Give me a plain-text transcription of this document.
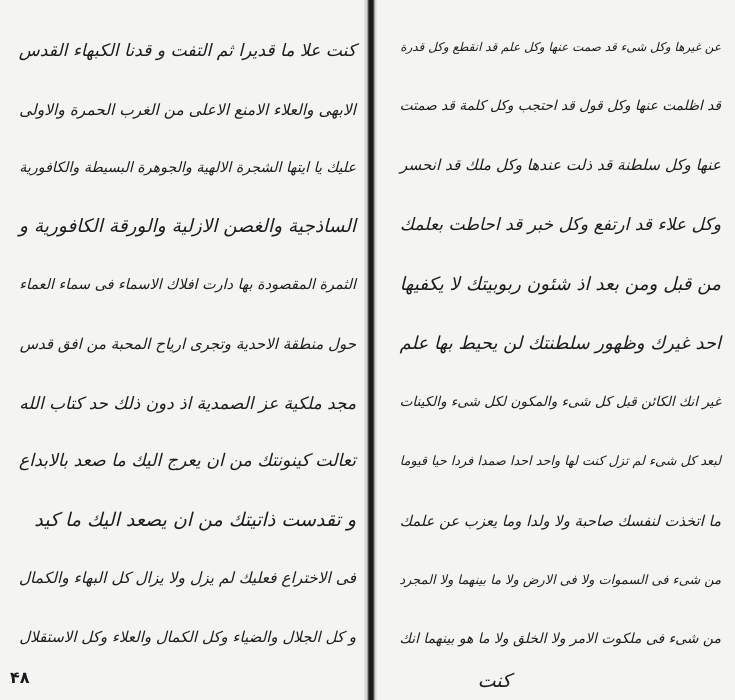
كنت علا ما قديرا ثم التفت و قدنا الكبهاء القدس
الابهى والعلاء الامنع الاعلى من الغرب الحمرة والاولى
عليك يا ايتها الشجرة الالهية والجوهرة البسيطة والكافورية
الساذجية والغصن الازلية والورقة الكافورية و
الثمرة المقصودة بها دارت افلاك الاسماء فى سماء العماء
حول منطقة الاحدية وتجرى ارياح المحبة من افق قدس
مجد ملكية عز الصمدية اذ دون ذلك حد كتاب الله
تعالت كينونتك من ان يعرج اليك ما صعد بالابداع
و تقدست ذاتيتك من ان يصعد اليك ما كيد
فى الاختراع فعليك لم يزل ولا يزال كل البهاء والكمال
و كل الجلال والضياء وكل الكمال والعلاء وكل الاستقلال
عن غيرها وكل شىء قد صمت عنها وكل علم قد انقطع وكل قدرة
قد اظلمت عنها وكل قول قد احتجب وكل كلمة قد صمتت
عنها وكل سلطنة قد ذلت عندها وكل ملك قد انحسر
وكل علاء قد ارتفع وكل خبر قد احاطت بعلمك
من قبل ومن بعد اذ شئون ربوبيتك لا يكفيها
احد غيرك وظهور سلطنتك لن يحيط بها علم
غير انك الكائن قبل كل شىء والمكون لكل شىء والكينات
لبعد كل شىء لم تزل كنت لها واحد احدا صمدا فردا حيا قيوما
ما اتخذت لنفسك صاحبة ولا ولدا وما يعزب عن علمك
من شىء فى السموات ولا فى الارض ولا ما بينهما ولا المجرد
من شىء فى ملكوت الامر ولا الخلق ولا ما هو بينهما انك
كنت
۴۸
